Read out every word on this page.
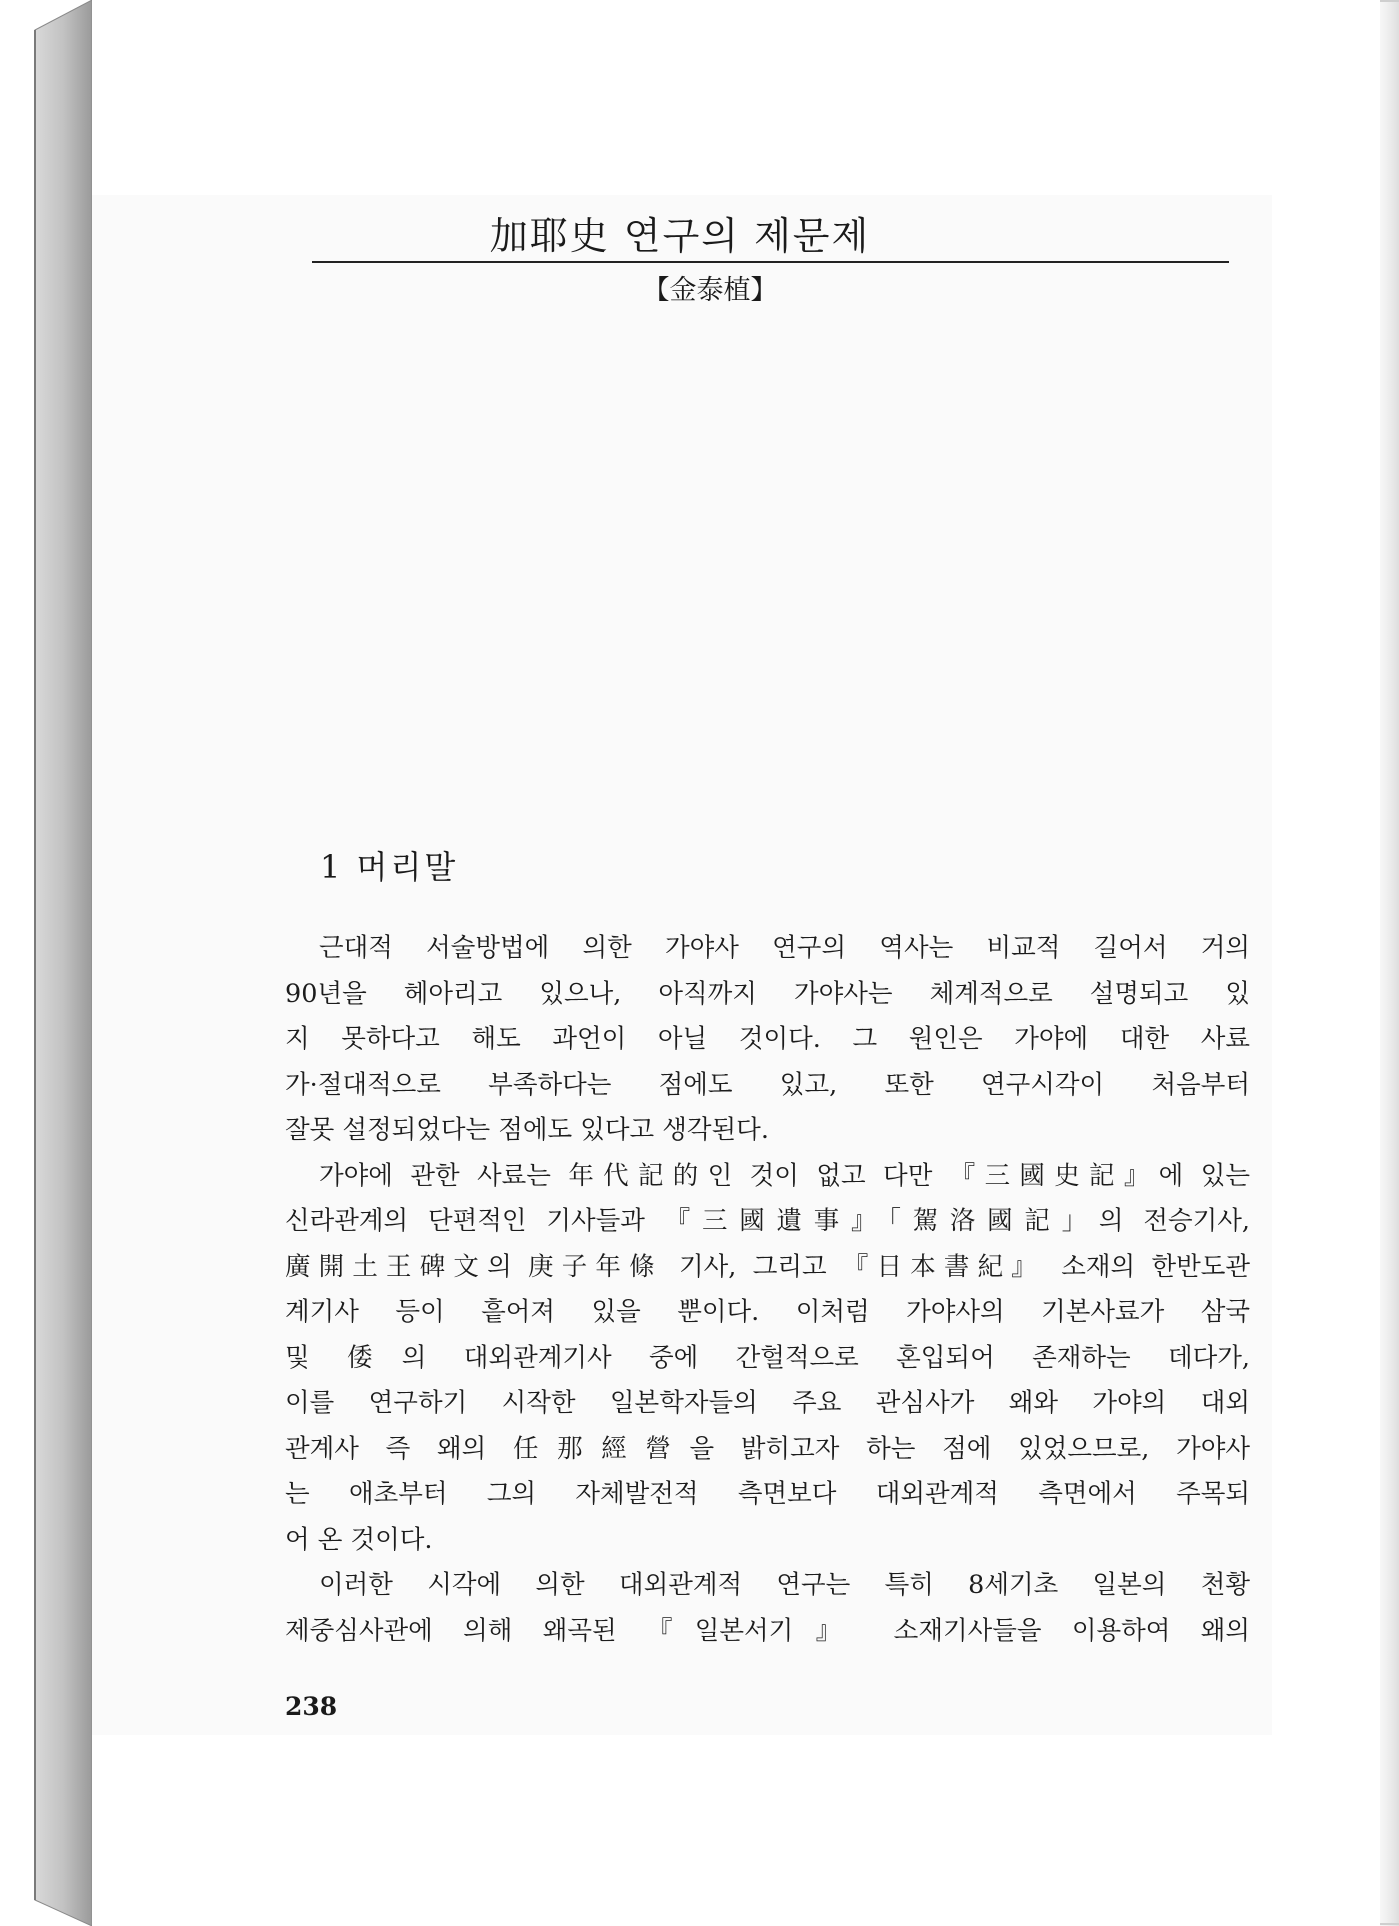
加耶史 연구의 제문제
【金泰植】
1 머리말
근대적 서술방법에 의한 가야사 연구의 역사는 비교적 길어서 거의
90년을 헤아리고 있으나, 아직까지 가야사는 체계적으로 설명되고 있
지 못하다고 해도 과언이 아닐 것이다. 그 원인은 가야에 대한 사료
가·절대적으로 부족하다는 점에도 있고, 또한 연구시각이 처음부터
잘못 설정되었다는 점에도 있다고 생각된다.
가야에 관한 사료는 年代記的인 것이 없고 다만 『三國史記』에 있는
신라관계의 단편적인 기사들과 『三國遺事』「駕洛國記」의 전승기사,
廣開土王碑文의 庚子年條 기사, 그리고 『日本書紀』 소재의 한반도관
계기사 등이 흩어져 있을 뿐이다. 이처럼 가야사의 기본사료가 삼국
및 倭의 대외관계기사 중에 간헐적으로 혼입되어 존재하는 데다가,
이를 연구하기 시작한 일본학자들의 주요 관심사가 왜와 가야의 대외
관계사 즉 왜의 任那經營을 밝히고자 하는 점에 있었으므로, 가야사
는 애초부터 그의 자체발전적 측면보다 대외관계적 측면에서 주목되
어 온 것이다.
이러한 시각에 의한 대외관계적 연구는 특히 8세기초 일본의 천황
제중심사관에 의해 왜곡된 『일본서기』 소재기사들을 이용하여 왜의
238
